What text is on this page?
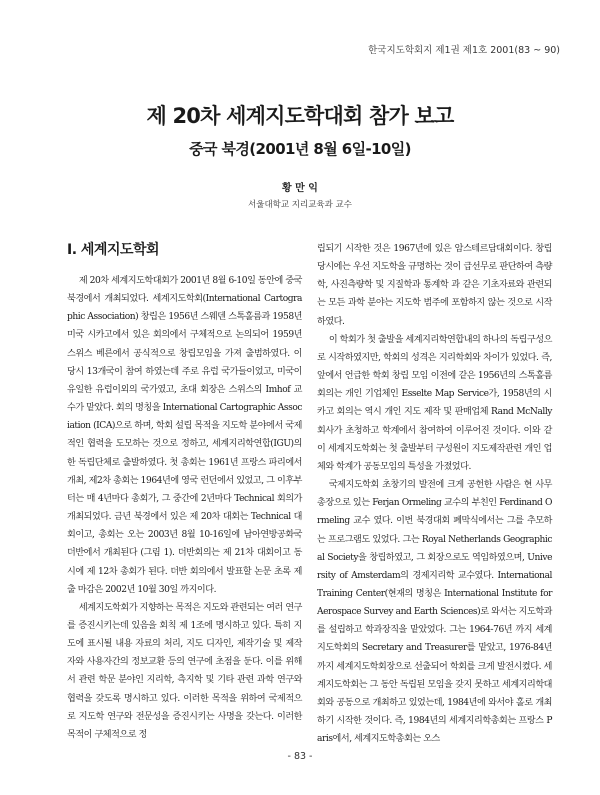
한국지도학회지 제1권 제1호 2001(83 ~ 90)
제 20차 세계지도학대회 참가 보고
중국 북경(2001년 8월 6일-10일)
황 만 익
서울대학교 지리교육과 교수
I. 세계지도학회

제 20차 세계지도학대회가 2001년 8월 6-10일 동안에 중국 북경에서 개최되었다. 세계지도학회(International Cartographic Association) 창립은 1956년 스웨덴 스톡홀름과 1958년 미국 시카고에서 있은 회의에서 구체적으로 논의되어 1959년 스위스 베른에서 공식적으로 창립모임을 가져 출범하였다. 이 당시 13개국이 참여 하였는데 주로 유럽 국가들이었고, 미국이 유일한 유럽이외의 국가였고, 초대 회장은 스위스의 Imhof 교수가 맡았다. 회의 명칭을 International Cartographic Association (ICA)으로 하며, 학회 설립 목적을 지도학 분야에서 국제적인 협력을 도모하는 것으로 정하고, 세계지리학연합(IGU)의 한 독립단체로 출발하였다. 첫 총회는 1961년 프랑스 파리에서 개최, 제2차 총회는 1964년에 영국 런던에서 있었고, 그 이후부터는 매 4년마다 총회가, 그 중간에 2년마다 Technical 회의가 개최되었다. 금년 북경에서 있은 제 20차 대회는 Technical 대회이고, 총회는 오는 2003년 8월 10-16일에 남아연방공화국 더반에서 개최된다 (그림 1). 더반회의는 제 21차 대회이고 동시에 제 12차 총회가 된다. 더반 회의에서 발표할 논문 초록 제출 마감은 2002년 10월 30일 까지이다.

세계지도학회가 지향하는 목적은 지도와 관련되는 여러 연구를 증진시키는데 있음을 회칙 제 1조에 명시하고 있다. 특히 지도에 표시될 내용 자료의 처리, 지도 디자인, 제작기술 및 제작자와 사용자간의 정보교환 등의 연구에 초점을 둔다. 이를 위해서 관련 학문 분야인 지리학, 측지학 및 기타 관련 과학 연구와 협력을 갖도록 명시하고 있다. 이러한 목적을 위하여 국제적으로 지도학 연구와 전문성을 증진시키는 사명을 갖는다. 이러한 목적이 구체적으로 정

립되기 시작한 것은 1967년에 있은 암스테르담대회이다. 창립당시에는 우선 지도학을 규명하는 것이 급선무로 판단하여 측량학, 사진측량학 및 지질학과 통계학 과 같은 기초자료와 관련되는 모든 과학 분야는 지도학 범주에 포함하지 않는 것으로 시작하였다.

이 학회가 첫 출발을 세계지리학연합내의 하나의 독립구성으로 시작하였지만, 학회의 성격은 지리학회와 차이가 있었다. 즉, 앞에서 언급한 학회 창립 모임 이전에 같은 1956년의 스톡홀름회의는 개인 기업체인 Esselte Map Service가, 1958년의 시카고 회의는 역시 개인 지도 제작 및 판매업체 Rand McNally 회사가 초청하고 학계에서 참여하여 이루어진 것이다. 이와 같이 세계지도학회는 첫 출발부터 구성원이 지도제작관련 개인 업체와 학계가 공동모임의 특성을 가졌었다.

국제지도학회 초창기의 발전에 크게 공헌한 사람은 현 사무총장으로 있는 Ferjan Ormeling 교수의 부친인 Ferdinand Ormeling 교수 였다. 이번 북경대회 폐막식에서는 그를 추모하는 프로그램도 있었다. 그는 Royal Netherlands Geographical Society을 창립하였고, 그 회장으로도 역임하였으며, University of Amsterdam의 경제지리학 교수였다. International Training Center(현재의 명칭은 International Institute for Aerospace Survey and Earth Sciences)로 와서는 지도학과를 설립하고 학과장직을 맡았었다. 그는 1964-76년 까지 세계지도학회의 Secretary and Treasurer를 맡았고, 1976-84년까지 세계지도학회장으로 선출되어 학회를 크게 발전시켰다. 세계지도학회는 그 동안 독립된 모임을 갖지 못하고 세계지리학대회와 공동으로 개최하고 있었는데, 1984년에 와서야 홀로 개최하기 시작한 것이다. 즉, 1984년의 세계지리학총회는 프랑스 Paris에서, 세계지도학총회는 오스

- 83 -
